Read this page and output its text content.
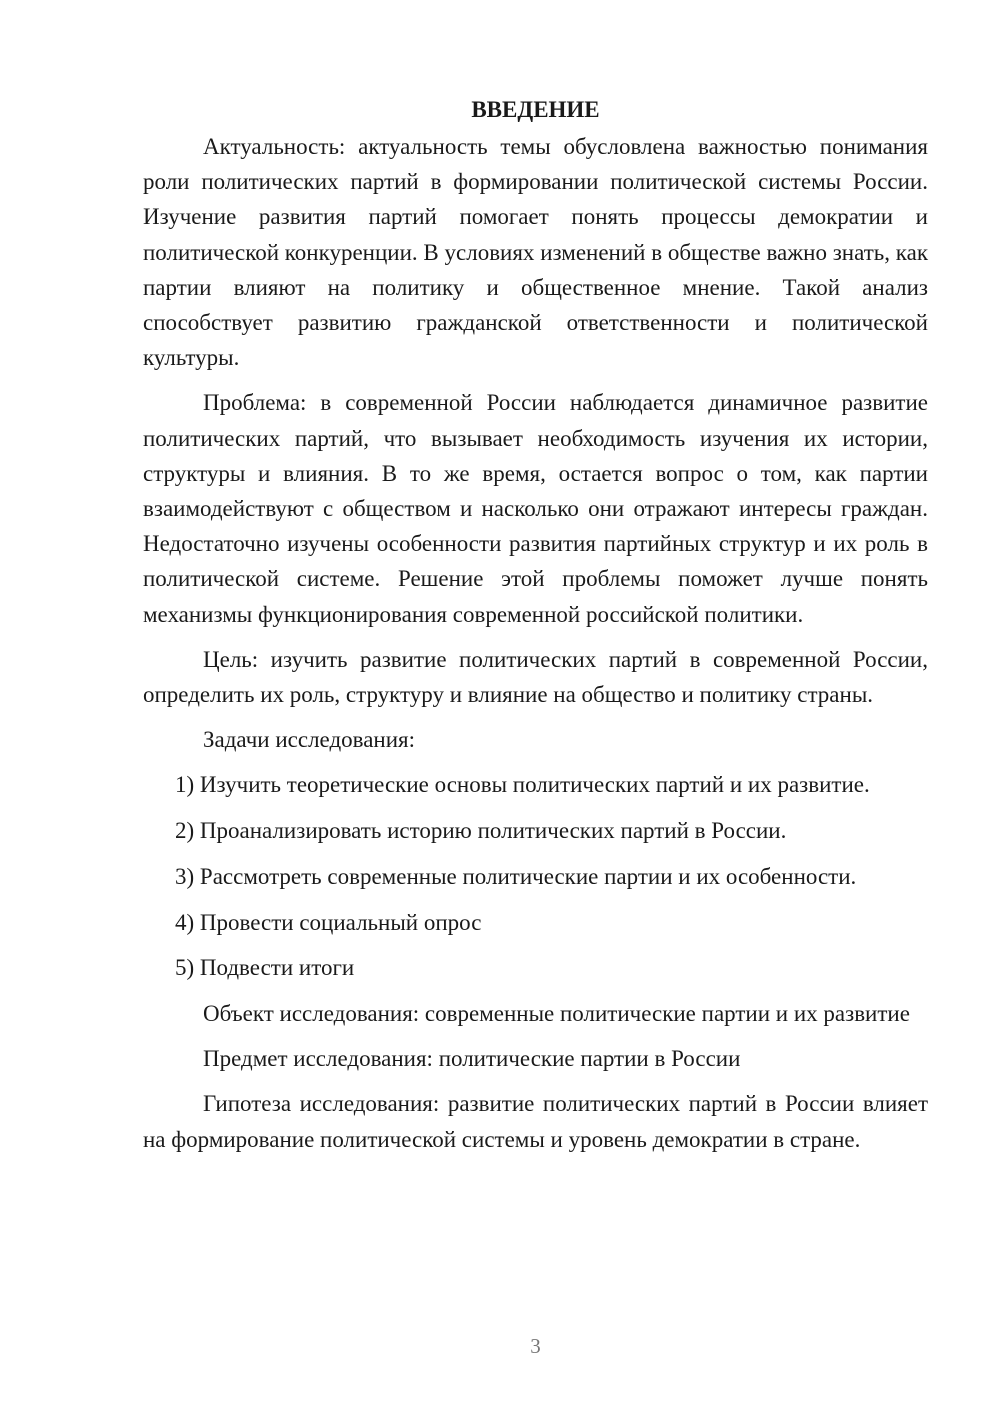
ВВЕДЕНИЕ

Актуальность: актуальность темы обусловлена важностью понимания роли политических партий в формировании политической системы России. Изучение развития партий помогает понять процессы демократии и политической конкуренции. В условиях изменений в обществе важно знать, как партии влияют на политику и общественное мнение. Такой анализ способствует развитию гражданской ответственности и политической культуры.

Проблема: в современной России наблюдается динамичное развитие политических партий, что вызывает необходимость изучения их истории, структуры и влияния. В то же время, остается вопрос о том, как партии взаимодействуют с обществом и насколько они отражают интересы граждан. Недостаточно изучены особенности развития партийных структур и их роль в политической системе. Решение этой проблемы поможет лучше понять механизмы функционирования современной российской политики.

Цель: изучить развитие политических партий в современной России, определить их роль, структуру и влияние на общество и политику страны.

Задачи исследования:

1) Изучить теоретические основы политических партий и их развитие.

2) Проанализировать историю политических партий в России.

3) Рассмотреть современные политические партии и их особенности.

4) Провести социальный опрос

5) Подвести итоги

Объект исследования: современные политические партии и их развитие

Предмет исследования: политические партии в России

Гипотеза исследования: развитие политических партий в России влияет на формирование политической системы и уровень демократии в стране.

3
